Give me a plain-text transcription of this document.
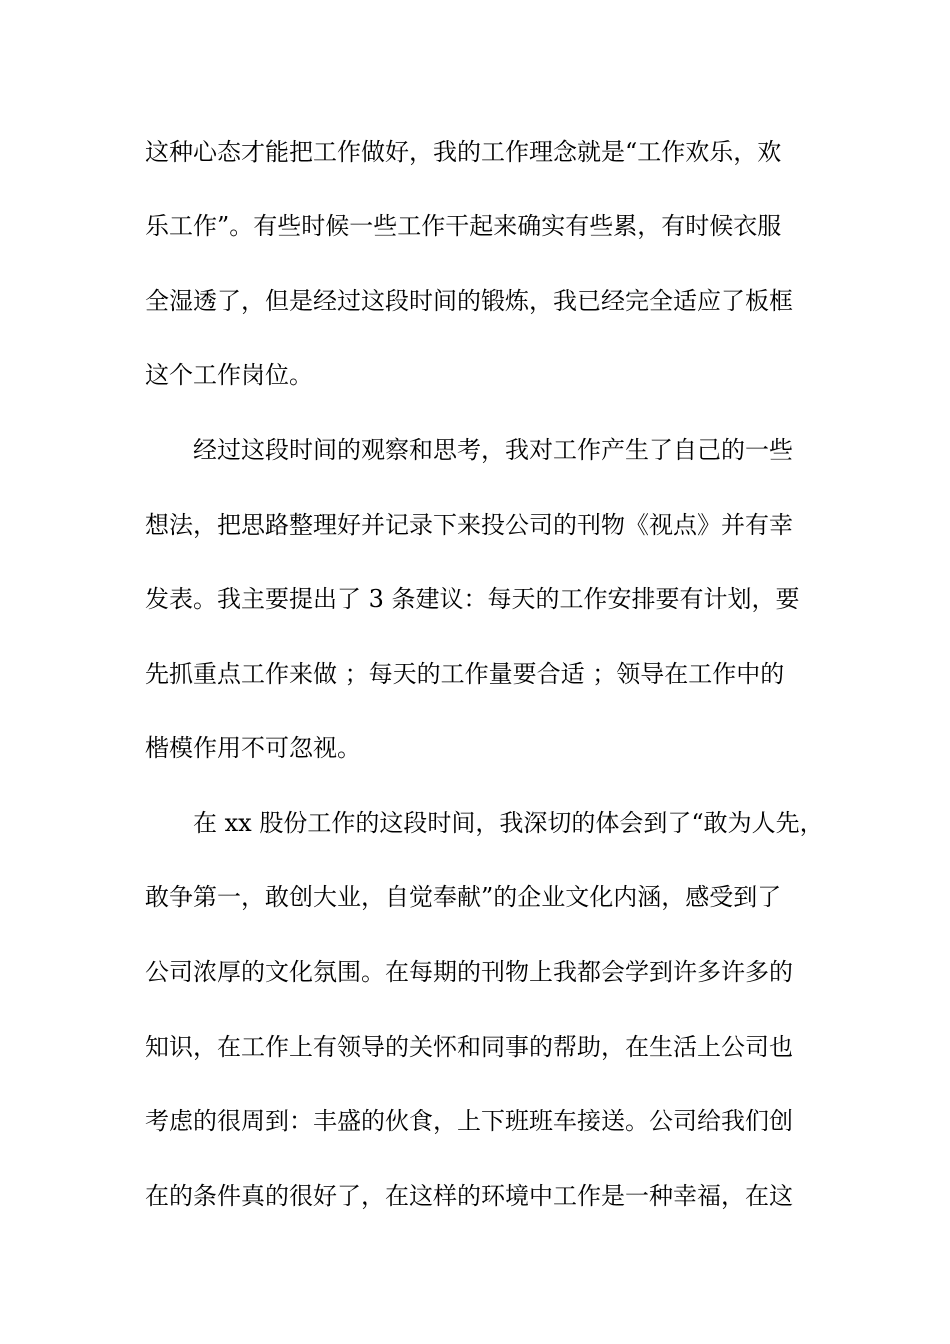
这种心态才能把工作做好，我的工作理念就是“工作欢乐，欢

乐工作”。有些时候一些工作干起来确实有些累，有时候衣服

全湿透了，但是经过这段时间的锻炼，我已经完全适应了板框

这个工作岗位。

经过这段时间的观察和思考，我对工作产生了自己的一些

想法，把思路整理好并记录下来投公司的刊物《视点》并有幸

发表。我主要提出了 3 条建议：每天的工作安排要有计划，要

先抓重点工作来做 ；每天的工作量要合适 ；领导在工作中的

楷模作用不可忽视。

在 xx 股份工作的这段时间，我深切的体会到了“敢为人先，

敢争第一，敢创大业，自觉奉献”的企业文化内涵，感受到了

公司浓厚的文化氛围。在每期的刊物上我都会学到许多许多的

知识，在工作上有领导的关怀和同事的帮助，在生活上公司也

考虑的很周到：丰盛的伙食，上下班班车接送。公司给我们创

在的条件真的很好了，在这样的环境中工作是一种幸福，在这
